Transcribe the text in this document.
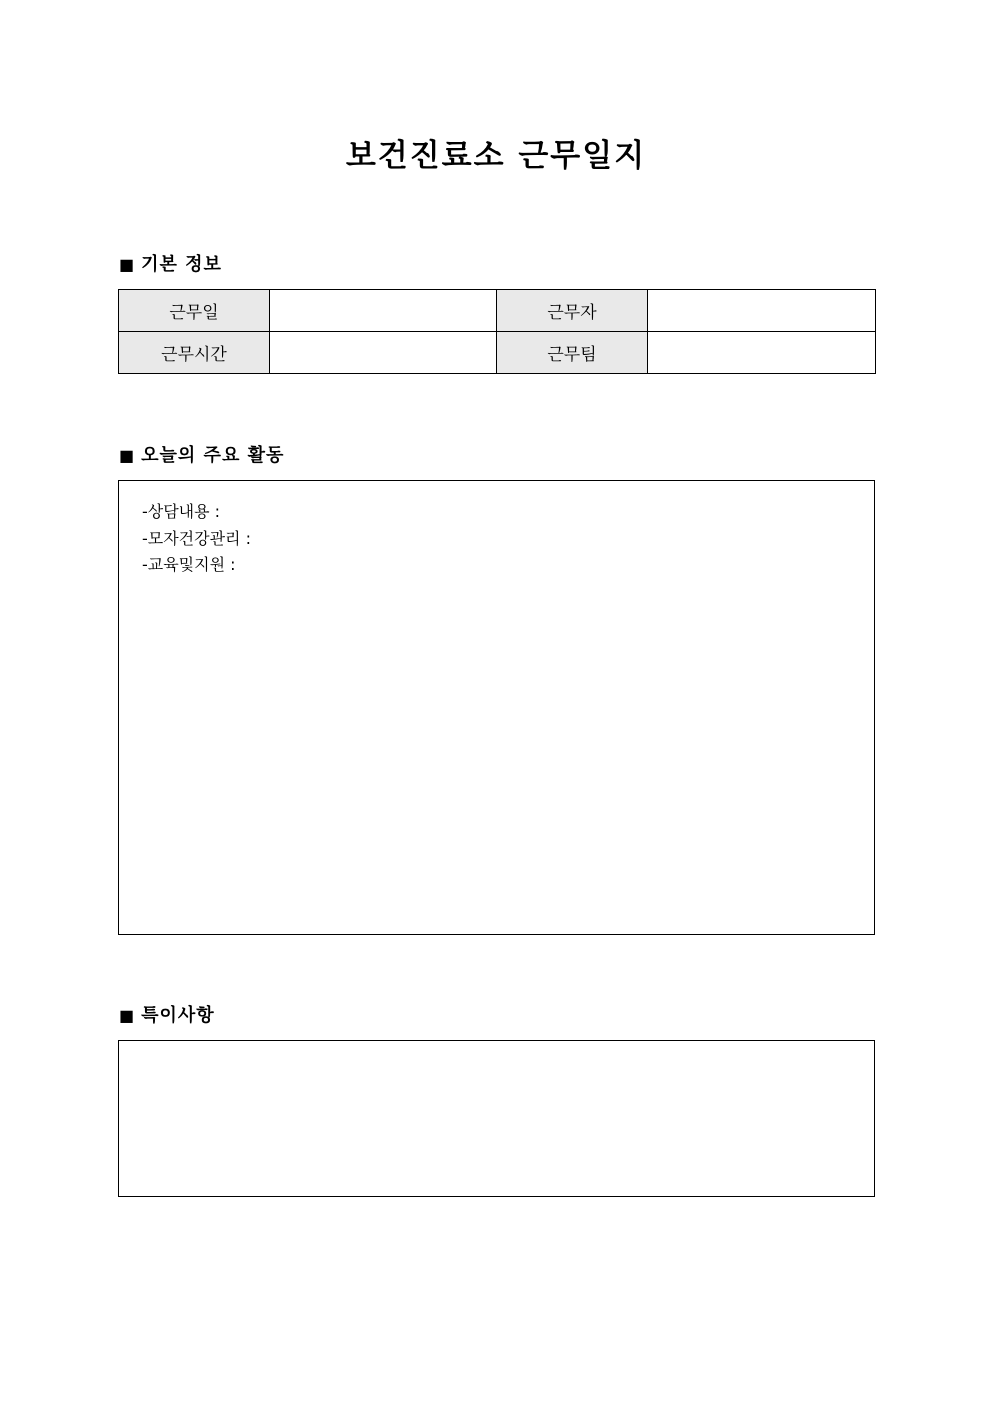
보건진료소 근무일지
■ 기본 정보
근무일		근무자	
근무시간		근무팀	
■ 오늘의 주요 활동
-상담내용 :
-모자건강관리 :
-교육및지원 :
■ 특이사항
